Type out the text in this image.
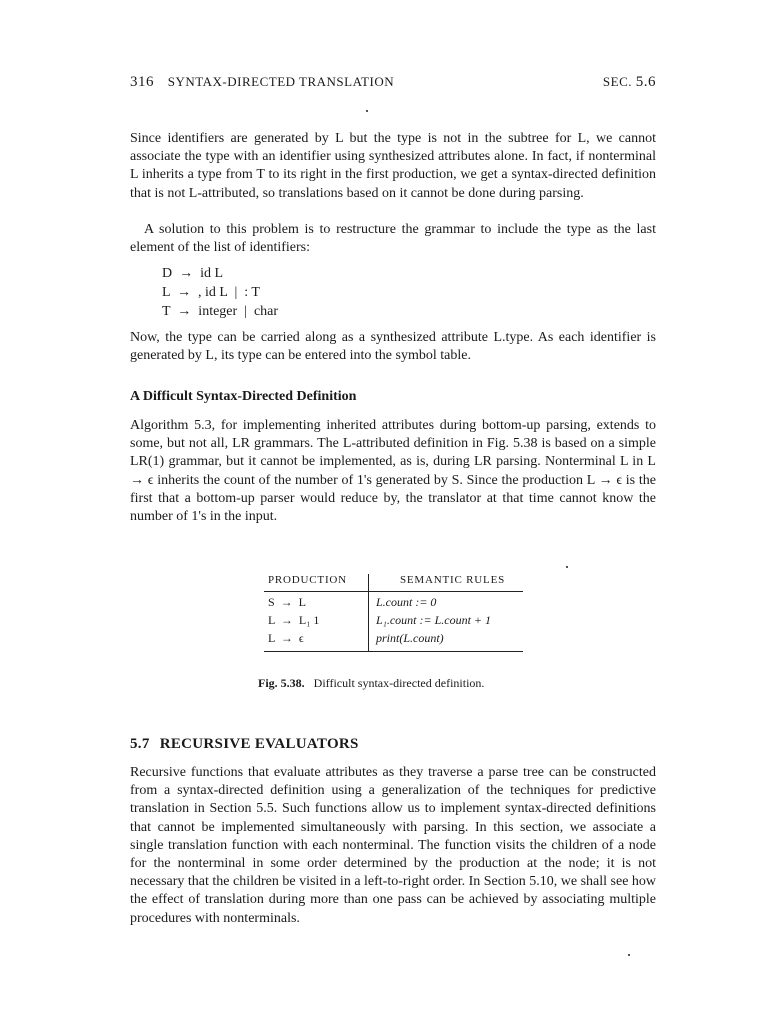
316 SYNTAX-DIRECTED TRANSLATION	SEC. 5.6

Since identifiers are generated by L but the type is not in the subtree for L, we cannot associate the type with an identifier using synthesized attributes alone. In fact, if nonterminal L inherits a type from T to its right in the first production, we get a syntax-directed definition that is not L-attributed, so translations based on it cannot be done during parsing.

A solution to this problem is to restructure the grammar to include the type as the last element of the list of identifiers:

D  →  id L
L  →  , id L  |  : T
T  →  integer  |  char

Now, the type can be carried along as a synthesized attribute L.type. As each identifier is generated by L, its type can be entered into the symbol table.

A Difficult Syntax-Directed Definition

Algorithm 5.3, for implementing inherited attributes during bottom-up parsing, extends to some, but not all, LR grammars. The L-attributed definition in Fig. 5.38 is based on a simple LR(1) grammar, but it cannot be implemented, as is, during LR parsing. Nonterminal L in L → ϵ inherits the count of the number of 1's generated by S. Since the production L → ϵ is the first that a bottom-up parser would reduce by, the translator at that time cannot know the number of 1's in the input.

PRODUCTION	SEMANTIC RULES
S  →  L	L.count := 0
L  →  L₁ 1	L₁.count := L.count + 1
L  →  ϵ	print(L.count)
Fig. 5.38. Difficult syntax-directed definition.
5.7 RECURSIVE EVALUATORS

Recursive functions that evaluate attributes as they traverse a parse tree can be constructed from a syntax-directed definition using a generalization of the techniques for predictive translation in Section 5.5. Such functions allow us to implement syntax-directed definitions that cannot be implemented simultaneously with parsing. In this section, we associate a single translation function with each nonterminal. The function visits the children of a node for the nonterminal in some order determined by the production at the node; it is not necessary that the children be visited in a left-to-right order. In Section 5.10, we shall see how the effect of translation during more than one pass can be achieved by associating multiple procedures with nonterminals.
